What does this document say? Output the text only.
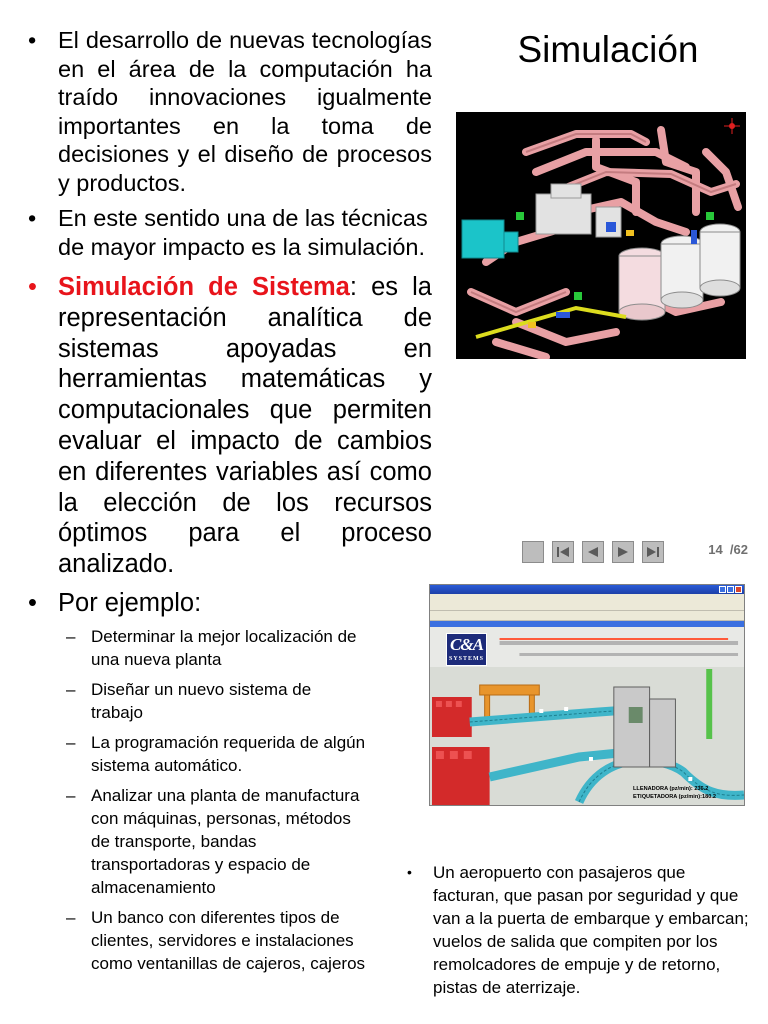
Simulación
• El desarrollo de nuevas tecnologías en el área de la computación ha traído innovaciones igualmente importantes en la toma de decisiones y el diseño de procesos y productos.
• En este sentido una de las técnicas de mayor impacto es la simulación.
• Simulación de Sistema: es la representación analítica de sistemas apoyadas en herramientas matemáticas y computacionales que permiten evaluar el impacto de cambios en diferentes variables así como la elección de los recursos óptimos para el proceso analizado.
14 /62
• Por ejemplo:
– Determinar la mejor localización de una nueva planta
– Diseñar un nuevo sistema de trabajo
– La programación requerida de algún sistema automático.
– Analizar una planta de manufactura con máquinas, personas, métodos de transporte, bandas transportadoras y espacio de almacenamiento
– Un banco con diferentes tipos de clientes, servidores e instalaciones como ventanillas de cajeros, cajeros
C&A
SYSTEMS
LLENADORA (pz/min): 236.2
ETIQUETADORA (pz/min):180.2
• Un aeropuerto con pasajeros que facturan, que pasan por seguridad y que van a la puerta de embarque y embarcan; vuelos de salida que compiten por los remolcadores de empuje y de retorno, pistas de aterrizaje.
